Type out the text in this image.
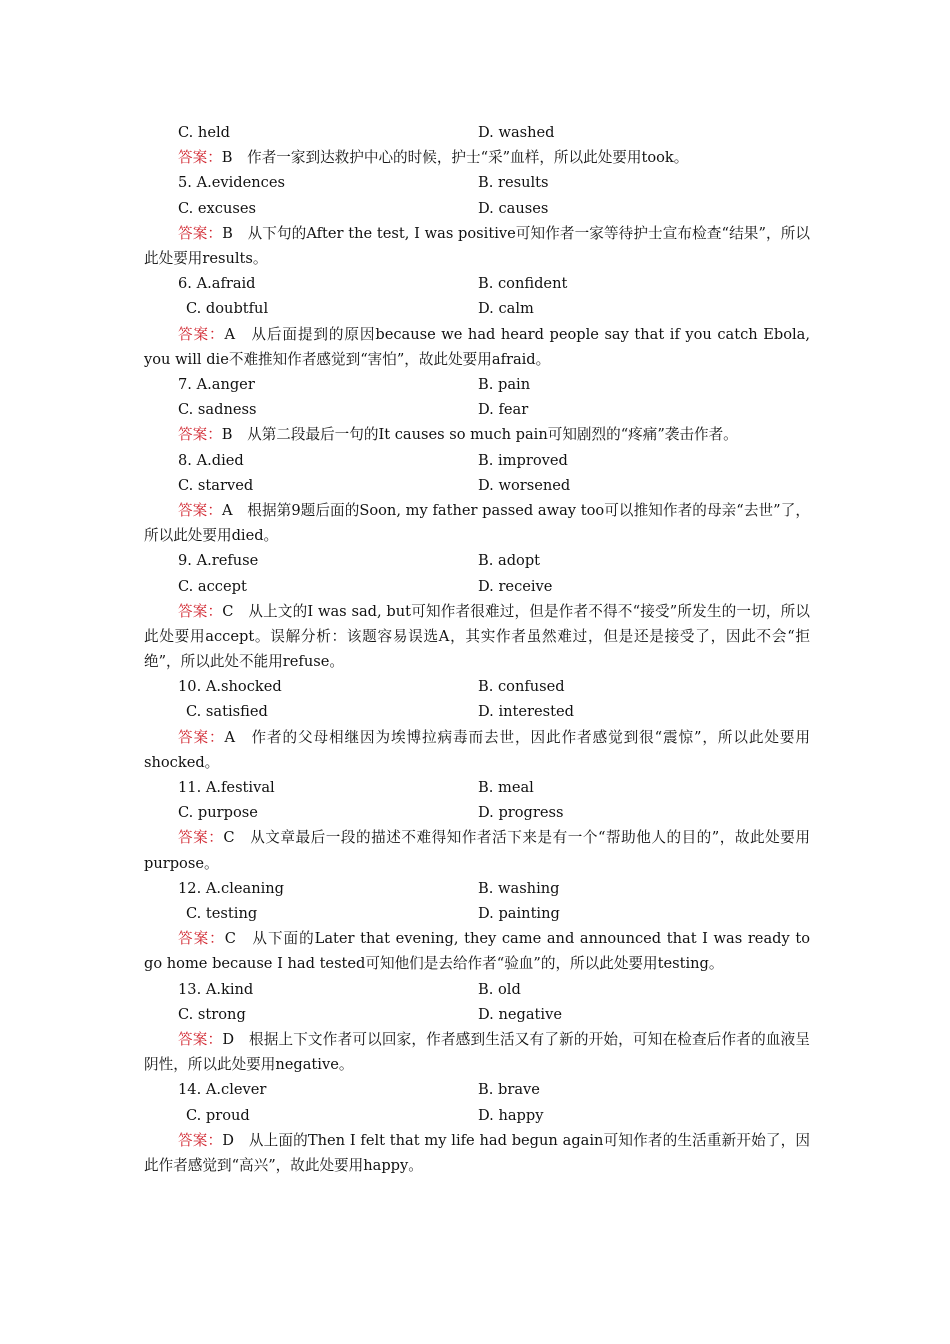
C. held	D. washed

答案：B　作者一家到达救护中心的时候，护士“采”血样，所以此处要用took。

5. A.evidences	B. results
C. excuses	D. causes

答案：B　从下句的After the test, I was positive可知作者一家等待护士宣布检查“结果”，所以此处要用results。

6. A.afraid	B. confident
C. doubtful	D. calm

答案：A　从后面提到的原因because we had heard people say that if you catch Ebola, you will die不难推知作者感觉到“害怕”，故此处要用afraid。

7. A.anger	B. pain
C. sadness	D. fear

答案：B　从第二段最后一句的It causes so much pain可知剧烈的“疼痛”袭击作者。

8. A.died	B. improved
C. starved	D. worsened

答案：A　根据第9题后面的Soon, my father passed away too可以推知作者的母亲“去世”了，所以此处要用died。

9. A.refuse	B. adopt
C. accept	D. receive

答案：C　从上文的I was sad, but可知作者很难过，但是作者不得不“接受”所发生的一切，所以此处要用accept。误解分析：该题容易误选A，其实作者虽然难过，但是还是接受了，因此不会“拒绝”，所以此处不能用refuse。

10. A.shocked	B. confused
C. satisfied	D. interested

答案：A　作者的父母相继因为埃博拉病毒而去世，因此作者感觉到很“震惊”，所以此处要用shocked。

11. A.festival	B. meal
C. purpose	D. progress

答案：C　从文章最后一段的描述不难得知作者活下来是有一个“帮助他人的目的”，故此处要用purpose。

12. A.cleaning	B. washing
C. testing	D. painting

答案：C　从下面的Later that evening, they came and announced that I was ready to go home because I had tested可知他们是去给作者“验血”的，所以此处要用testing。

13. A.kind	B. old
C. strong	D. negative

答案：D　根据上下文作者可以回家，作者感到生活又有了新的开始，可知在检查后作者的血液呈阴性，所以此处要用negative。

14. A.clever	B. brave
C. proud	D. happy

答案：D　从上面的Then I felt that my life had begun again可知作者的生活重新开始了，因此作者感觉到“高兴”，故此处要用happy。
